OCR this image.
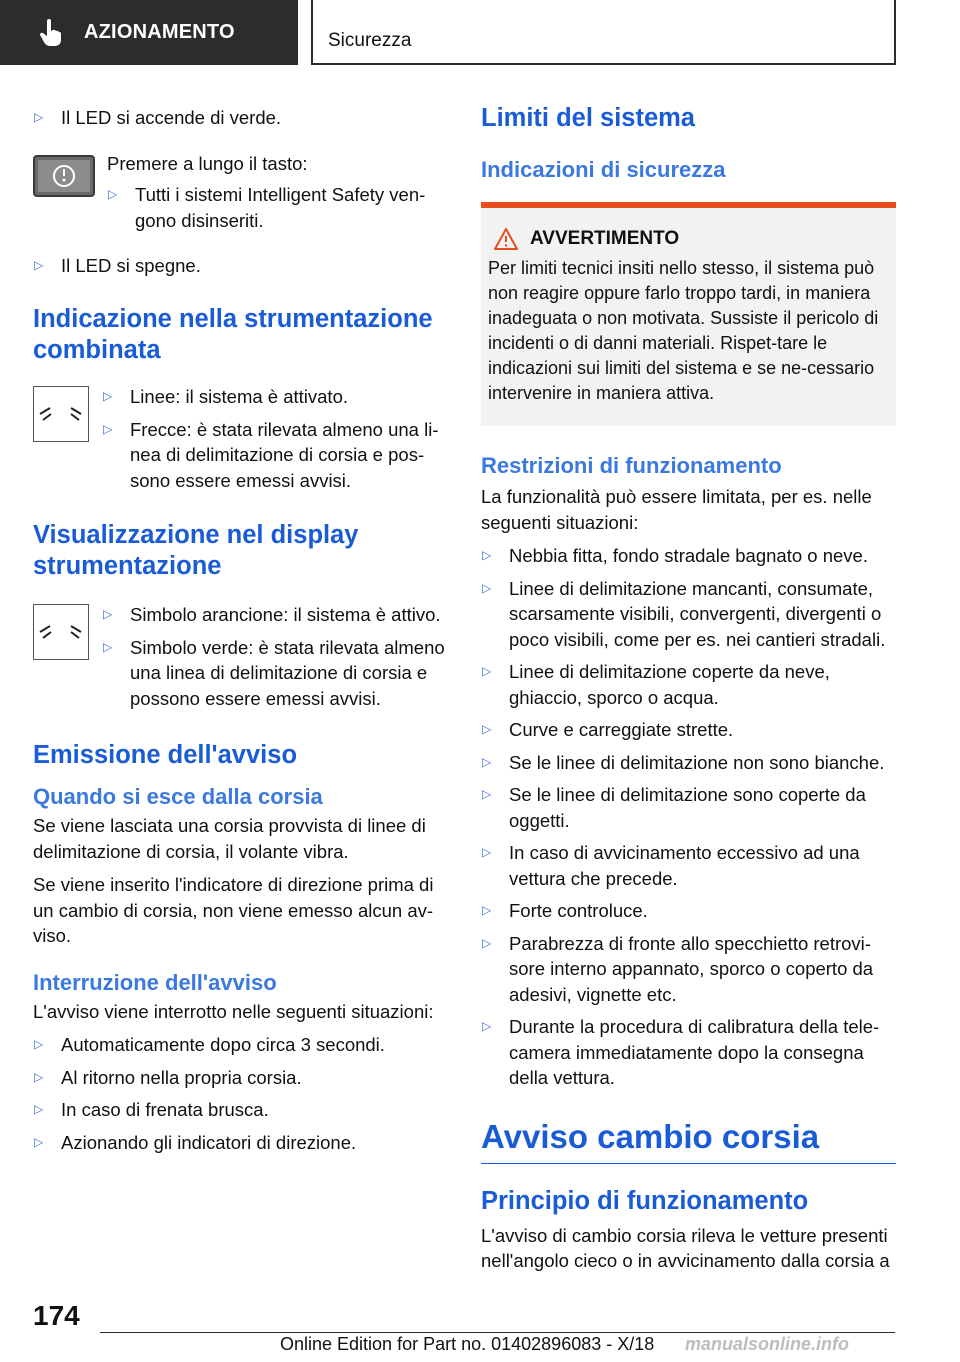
AZIONAMENTO	Sicurezza
▷ Il LED si accende di verde.

Premere a lungo il tasto:

▷ Tutti i sistemi Intelligent Safety ven-gono disinseriti.
▷ Il LED si spegne.
Indicazione nella strumentazione combinata
▷ Linee: il sistema è attivato.
▷ Frecce: è stata rilevata almeno una li-nea di delimitazione di corsia e pos-sono essere emessi avvisi.
Visualizzazione nel display strumentazione
▷ Simbolo arancione: il sistema è attivo.
▷ Simbolo verde: è stata rilevata almeno una linea di delimitazione di corsia e possono essere emessi avvisi.
Emissione dell'avviso
Quando si esce dalla corsia

Se viene lasciata una corsia provvista di linee di delimitazione di corsia, il volante vibra.

Se viene inserito l'indicatore di direzione prima di un cambio di corsia, non viene emesso alcun av-viso.

Interruzione dell'avviso

L'avviso viene interrotto nelle seguenti situazioni:

▷ Automaticamente dopo circa 3 secondi.
▷ Al ritorno nella propria corsia.
▷ In caso di frenata brusca.
▷ Azionando gli indicatori di direzione.
Limiti del sistema
Indicazioni di sicurezza
AVVERTIMENTO

Per limiti tecnici insiti nello stesso, il sistema può non reagire oppure farlo troppo tardi, in maniera inadeguata o non motivata. Sussiste il pericolo di incidenti o di danni materiali. Rispet-tare le indicazioni sui limiti del sistema e se ne-cessario intervenire in maniera attiva.

Restrizioni di funzionamento

La funzionalità può essere limitata, per es. nelle seguenti situazioni:

▷ Nebbia fitta, fondo stradale bagnato o neve.
▷ Linee di delimitazione mancanti, consumate, scarsamente visibili, convergenti, divergenti o poco visibili, come per es. nei cantieri stradali.
▷ Linee di delimitazione coperte da neve, ghiaccio, sporco o acqua.
▷ Curve e carreggiate strette.
▷ Se le linee di delimitazione non sono bianche.
▷ Se le linee di delimitazione sono coperte da oggetti.
▷ In caso di avvicinamento eccessivo ad una vettura che precede.
▷ Forte controluce.
▷ Parabrezza di fronte allo specchietto retrovi-sore interno appannato, sporco o coperto da adesivi, vignette etc.
▷ Durante la procedura di calibratura della tele-camera immediatamente dopo la consegna della vettura.
Avviso cambio corsia
Principio di funzionamento

L'avviso di cambio corsia rileva le vetture presenti nell'angolo cieco o in avvicinamento dalla corsia a

174
Online Edition for Part no. 01402896083 - X/18 manualsonline.info
